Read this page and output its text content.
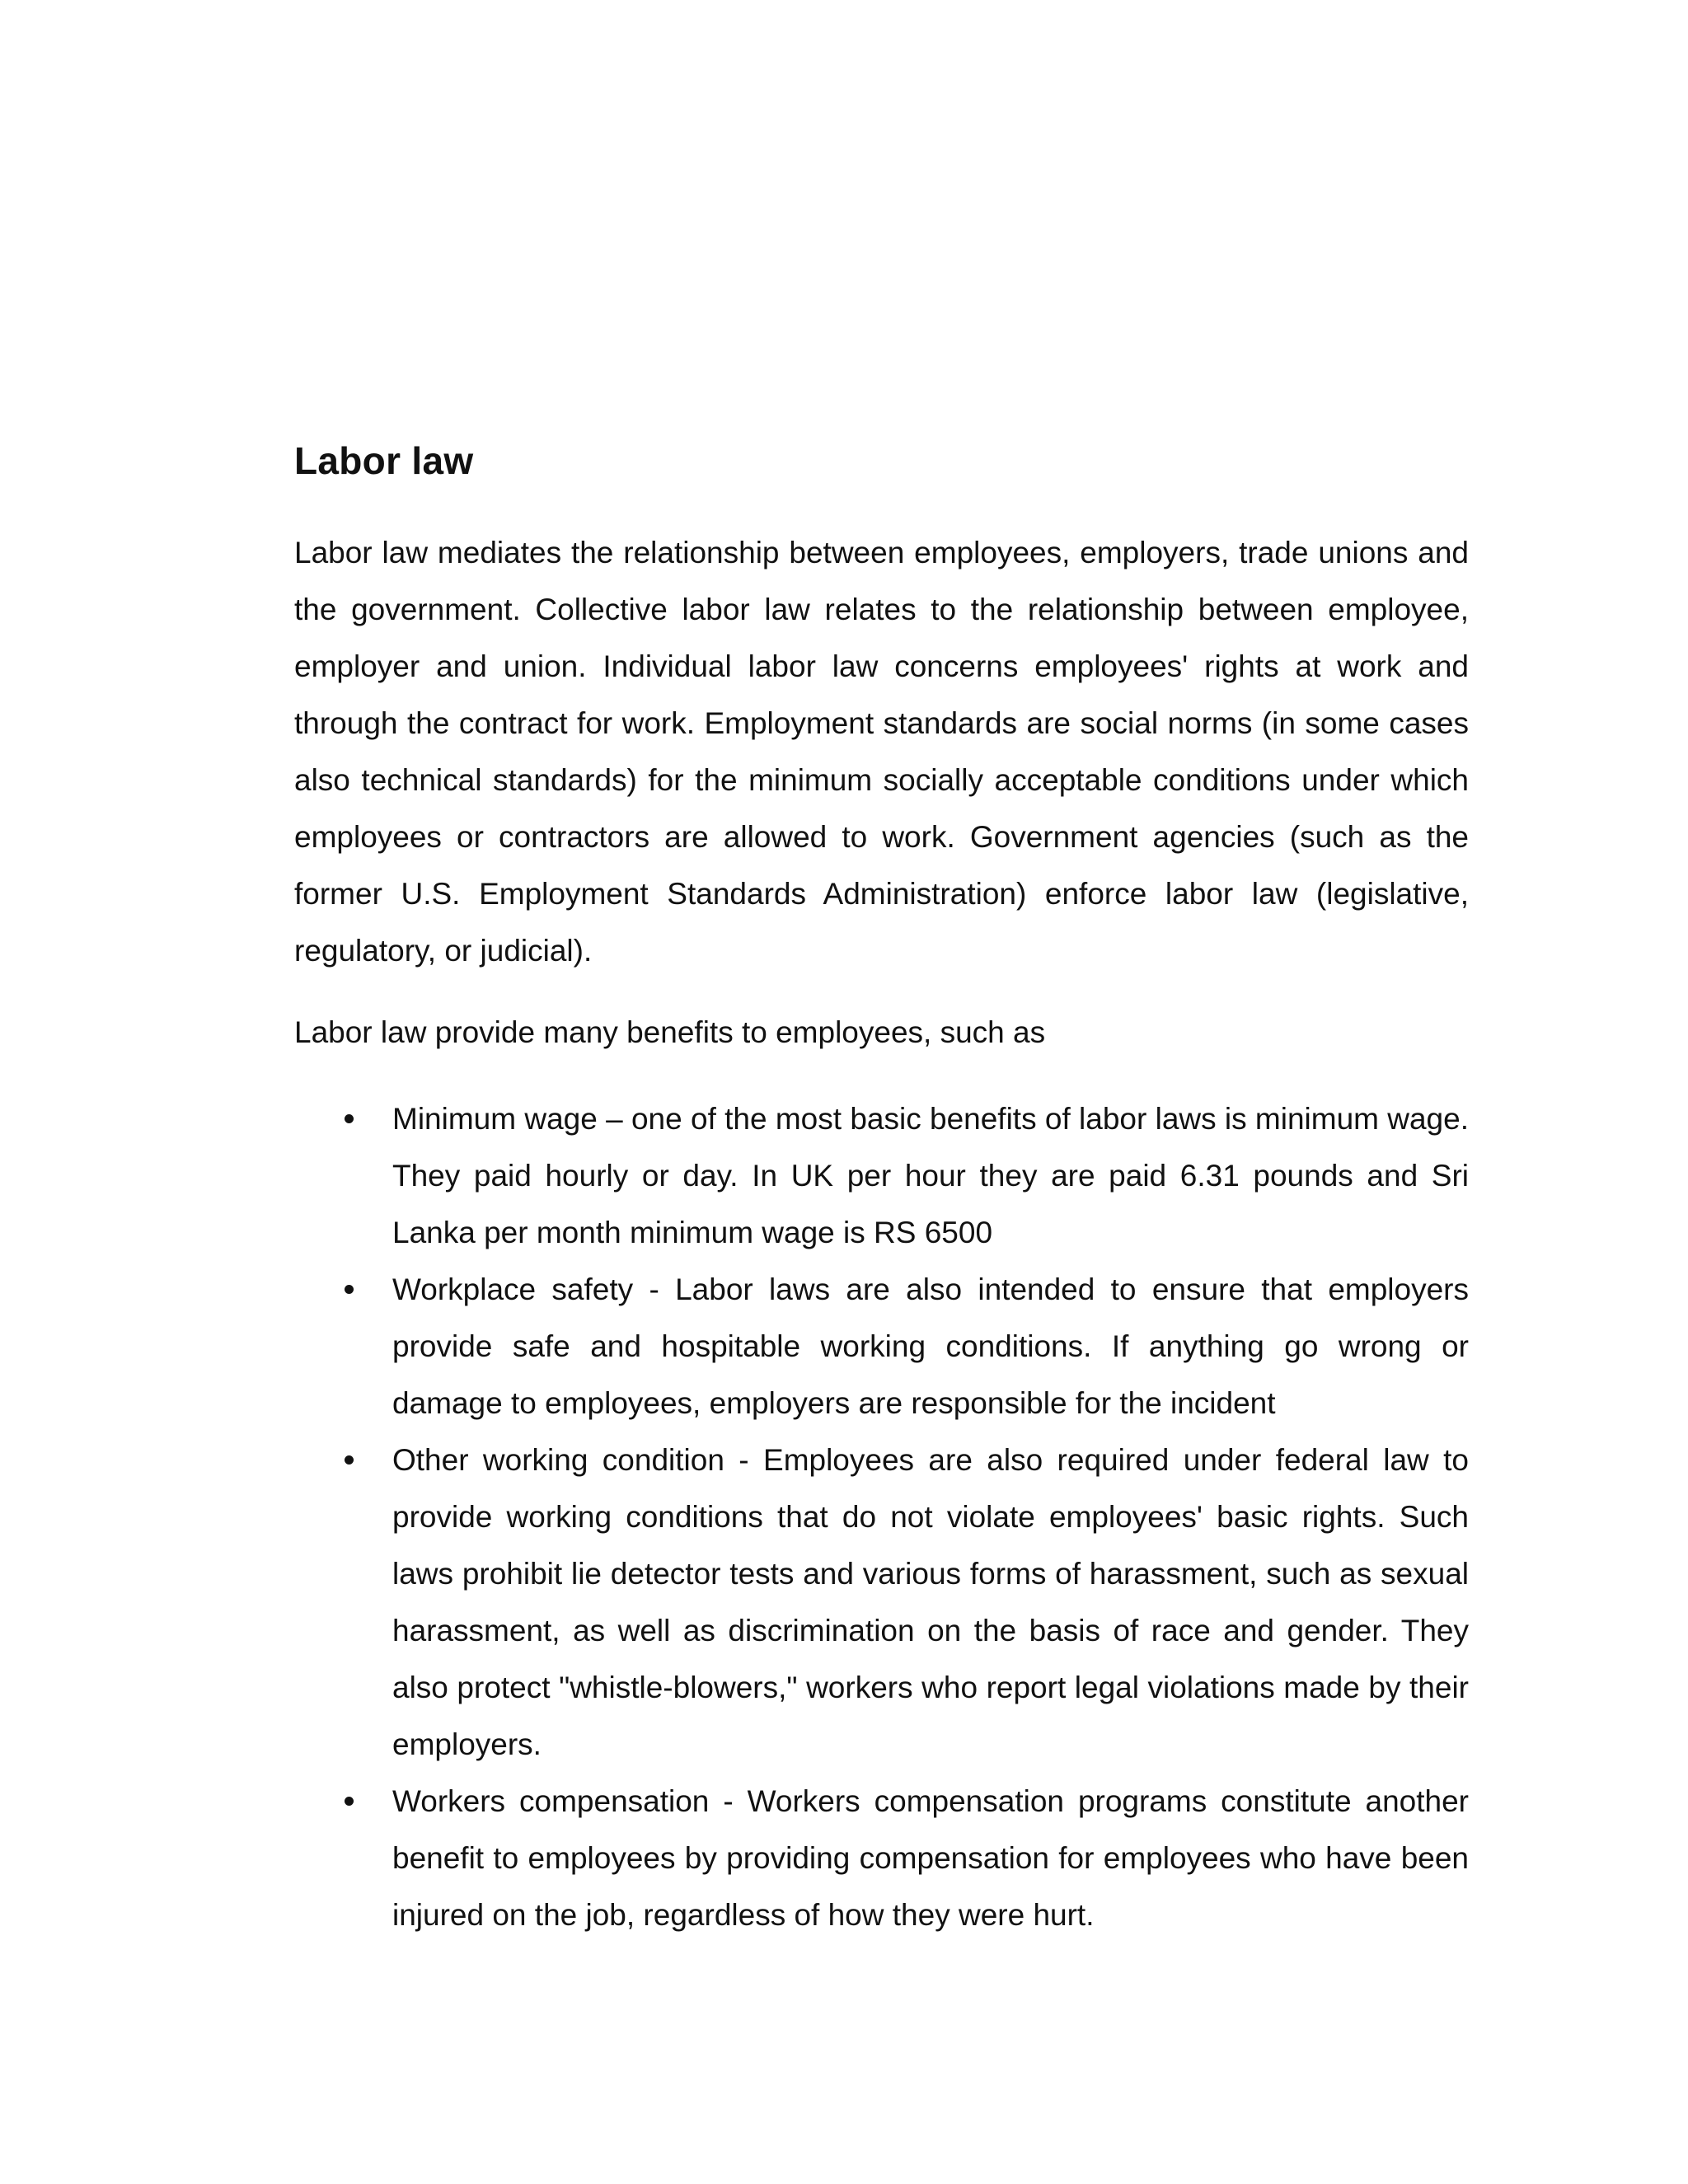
Labor law

Labor law mediates the relationship between employees, employers, trade unions and the government. Collective labor law relates to the relationship between employee, employer and union. Individual labor law concerns employees' rights at work and through the contract for work. Employment standards are social norms (in some cases also technical standards) for the minimum socially acceptable conditions under which employees or contractors are allowed to work. Government agencies (such as the former U.S. Employment Standards Administration) enforce labor law (legislative, regulatory, or judicial).

Labor law provide many benefits to employees, such as

Minimum wage – one of the most basic benefits of labor laws is minimum wage. They paid hourly or day. In UK per hour they are paid 6.31 pounds and Sri Lanka per month minimum wage is RS 6500
Workplace safety - Labor laws are also intended to ensure that employers provide safe and hospitable working conditions. If anything go wrong or damage to employees, employers are responsible for the incident
Other working condition - Employees are also required under federal law to provide working conditions that do not violate employees' basic rights. Such laws prohibit lie detector tests and various forms of harassment, such as sexual harassment, as well as discrimination on the basis of race and gender. They also protect "whistle-blowers," workers who report legal violations made by their employers.
Workers compensation - Workers compensation programs constitute another benefit to employees by providing compensation for employees who have been injured on the job, regardless of how they were hurt.
